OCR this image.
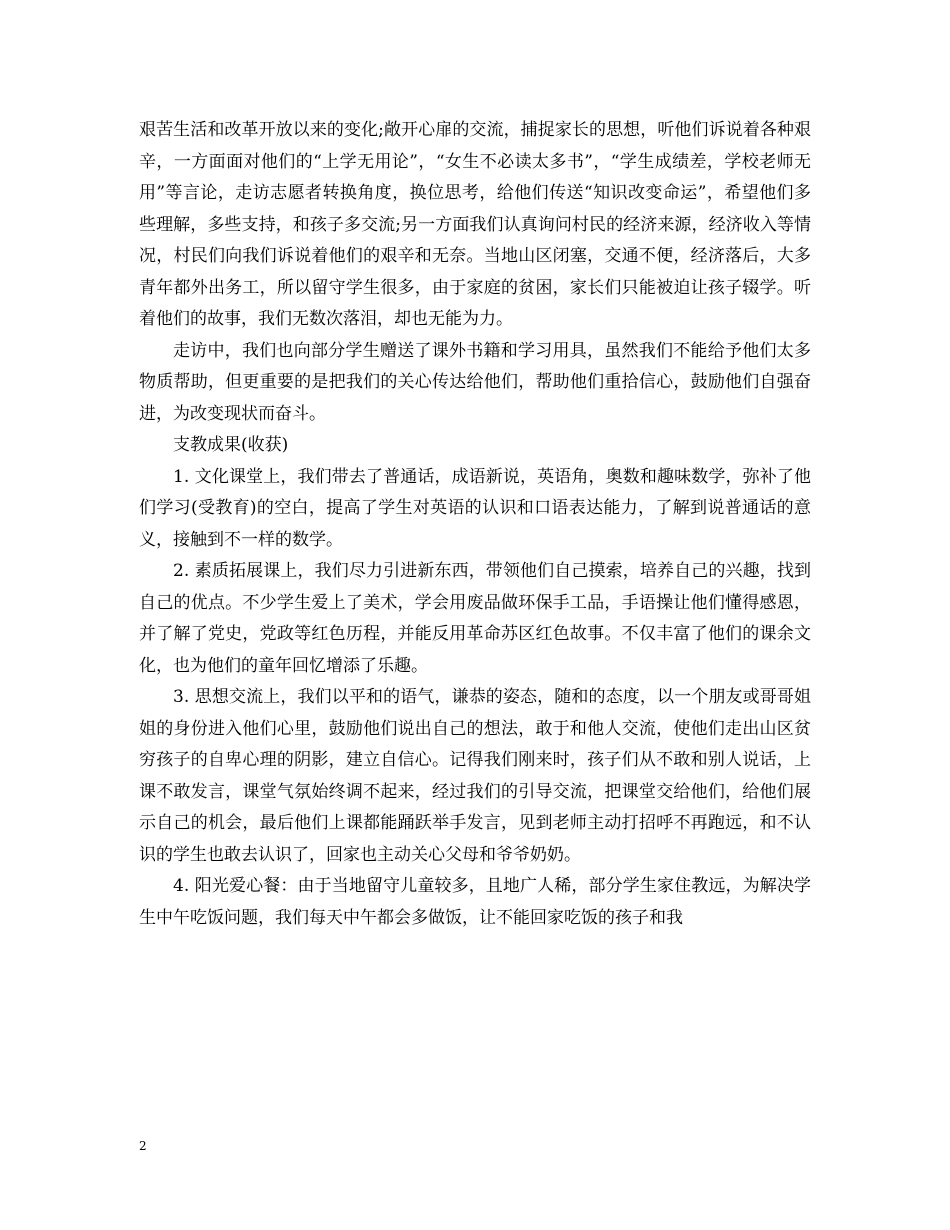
艰苦生活和改革开放以来的变化;敞开心扉的交流，捕捉家长的思想，听他们诉说着各种艰辛，一方面面对他们的“上学无用论”，“女生不必读太多书”，“学生成绩差，学校老师无用”等言论，走访志愿者转换角度，换位思考，给他们传送“知识改变命运”，希望他们多些理解，多些支持，和孩子多交流;另一方面我们认真询问村民的经济来源，经济收入等情况，村民们向我们诉说着他们的艰辛和无奈。当地山区闭塞，交通不便，经济落后，大多青年都外出务工，所以留守学生很多，由于家庭的贫困，家长们只能被迫让孩子辍学。听着他们的故事，我们无数次落泪，却也无能为力。

走访中，我们也向部分学生赠送了课外书籍和学习用具，虽然我们不能给予他们太多物质帮助，但更重要的是把我们的关心传达给他们，帮助他们重拾信心，鼓励他们自强奋进，为改变现状而奋斗。

支教成果(收获)

1. 文化课堂上，我们带去了普通话，成语新说，英语角，奥数和趣味数学，弥补了他们学习(受教育)的空白，提高了学生对英语的认识和口语表达能力，了解到说普通话的意义，接触到不一样的数学。

2. 素质拓展课上，我们尽力引进新东西，带领他们自己摸索，培养自己的兴趣，找到自己的优点。不少学生爱上了美术，学会用废品做环保手工品，手语操让他们懂得感恩，并了解了党史，党政等红色历程，并能反用革命苏区红色故事。不仅丰富了他们的课余文化，也为他们的童年回忆增添了乐趣。

3. 思想交流上，我们以平和的语气，谦恭的姿态，随和的态度，以一个朋友或哥哥姐姐的身份进入他们心里，鼓励他们说出自己的想法，敢于和他人交流，使他们走出山区贫穷孩子的自卑心理的阴影，建立自信心。记得我们刚来时，孩子们从不敢和别人说话，上课不敢发言，课堂气氛始终调不起来，经过我们的引导交流，把课堂交给他们，给他们展示自己的机会，最后他们上课都能踊跃举手发言，见到老师主动打招呼不再跑远，和不认识的学生也敢去认识了，回家也主动关心父母和爷爷奶奶。

4. 阳光爱心餐：由于当地留守儿童较多，且地广人稀，部分学生家住教远，为解决学生中午吃饭问题，我们每天中午都会多做饭，让不能回家吃饭的孩子和我

2
